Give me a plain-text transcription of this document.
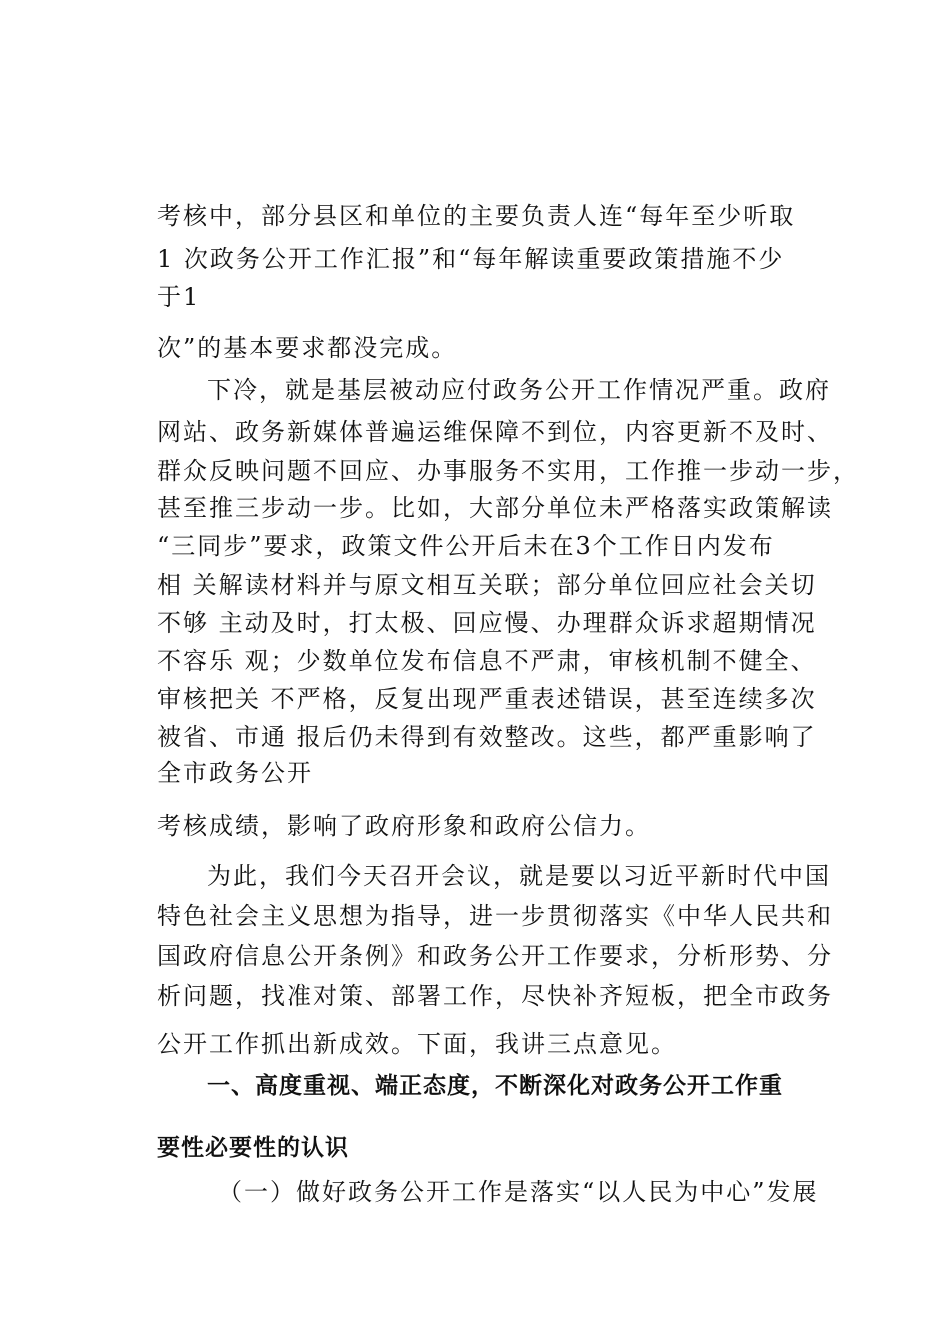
考核中，部分县区和单位的主要负责人连“每年至少听取
1 次政务公开工作汇报”和“每年解读重要政策措施不少
于1
次”的基本要求都没完成。
下冷，就是基层被动应付政务公开工作情况严重。政府
网站、政务新媒体普遍运维保障不到位，内容更新不及时、
群众反映问题不回应、办事服务不实用，工作推一步动一步，
甚至推三步动一步。比如，大部分单位未严格落实政策解读
“三同步”要求，政策文件公开后未在3个工作日内发布
相 关解读材料并与原文相互关联；部分单位回应社会关切
不够 主动及时，打太极、回应慢、办理群众诉求超期情况
不容乐 观；少数单位发布信息不严肃，审核机制不健全、
审核把关 不严格，反复出现严重表述错误，甚至连续多次
被省、市通 报后仍未得到有效整改。这些，都严重影响了
全市政务公开
考核成绩，影响了政府形象和政府公信力。
为此，我们今天召开会议，就是要以习近平新时代中国
特色社会主义思想为指导，进一步贯彻落实《中华人民共和
国政府信息公开条例》和政务公开工作要求，分析形势、分
析问题，找准对策、部署工作，尽快补齐短板，把全市政务
公开工作抓出新成效。下面，我讲三点意见。
一、高度重视、端正态度，不断深化对政务公开工作重
要性必要性的认识
（一）做好政务公开工作是落实“以人民为中心”发展
